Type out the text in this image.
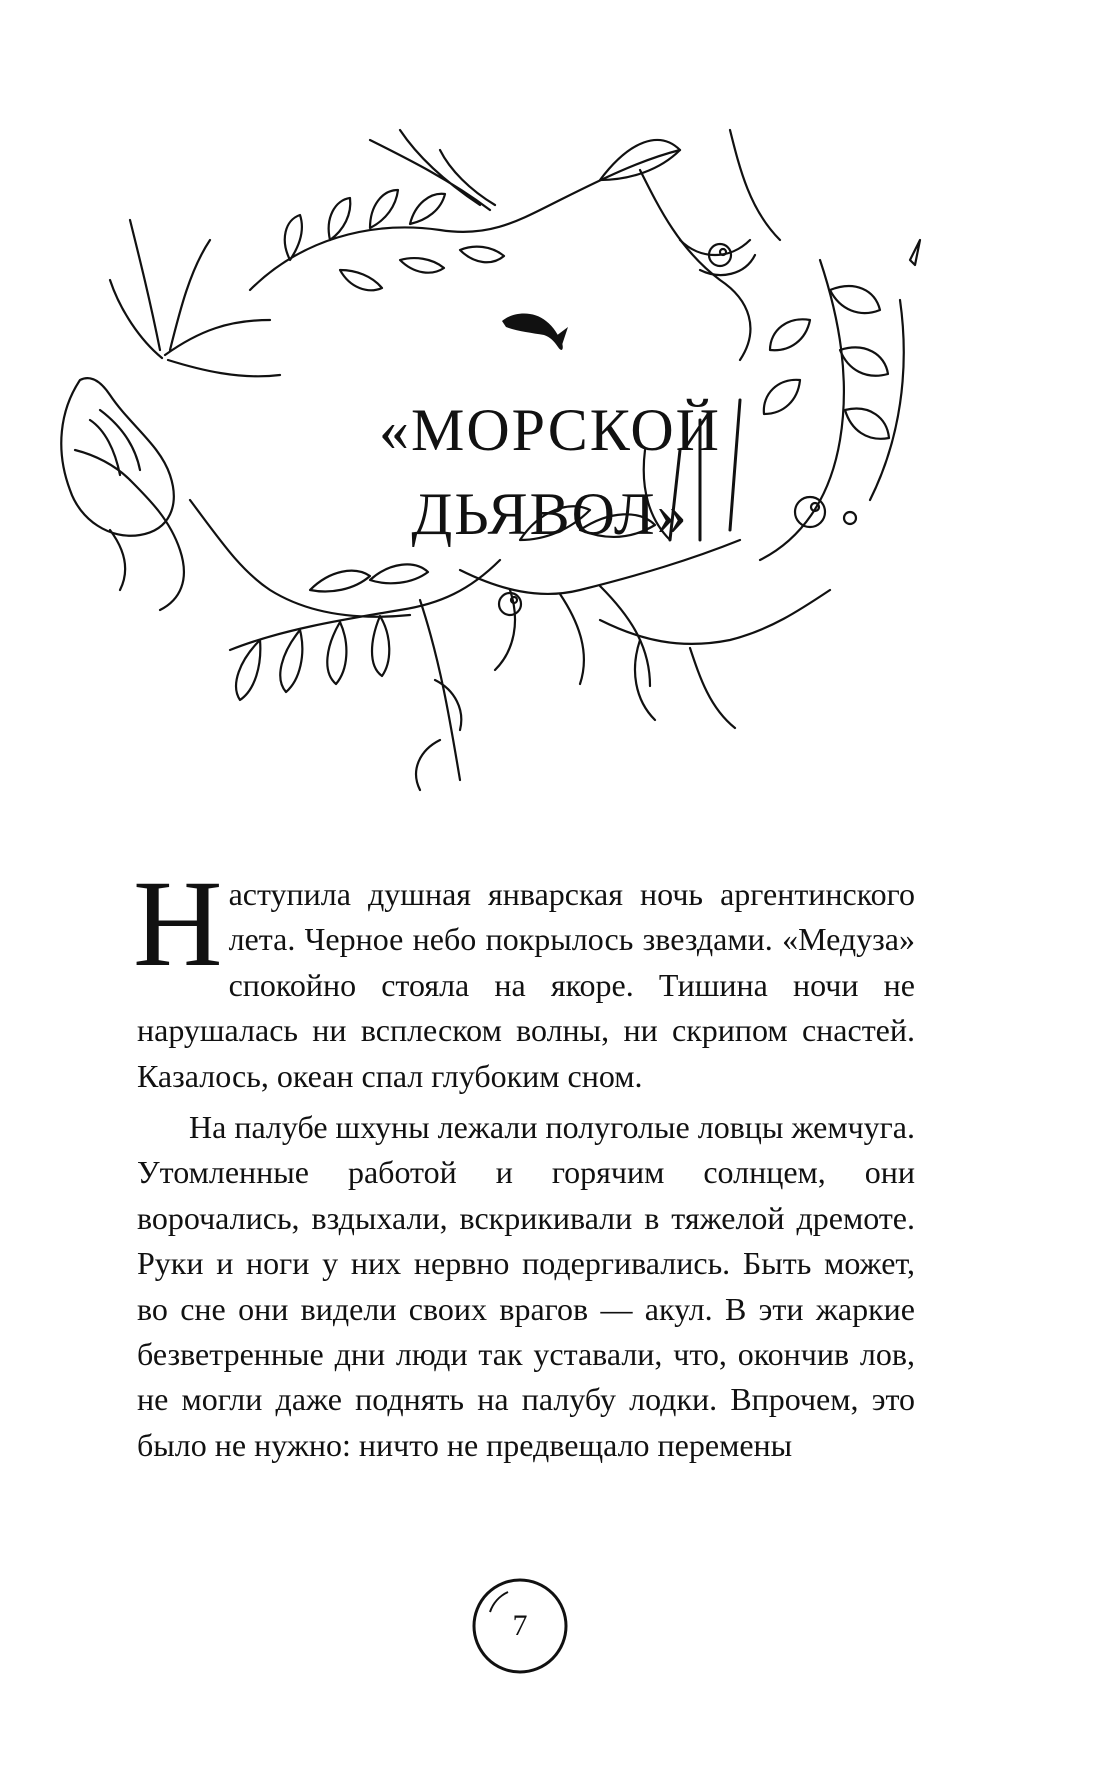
«МОРСКОЙ
ДЬЯВОЛ»

Наступила душная январская ночь аргентинского лета. Черное небо покрылось звездами. «Медуза» спокойно стояла на якоре. Тишина ночи не нарушалась ни всплеском волны, ни скрипом снастей. Казалось, океан спал глубоким сном.

На палубе шхуны лежали полуголые ловцы жемчуга. Утомленные работой и горячим солнцем, они ворочались, вздыхали, вскрикивали в тяжелой дремоте. Руки и ноги у них нервно подергивались. Быть может, во сне они видели своих врагов — акул. В эти жаркие безветренные дни люди так уставали, что, окончив лов, не могли даже поднять на палубу лодки. Впрочем, это было не нужно: ничто не предвещало перемены

7
